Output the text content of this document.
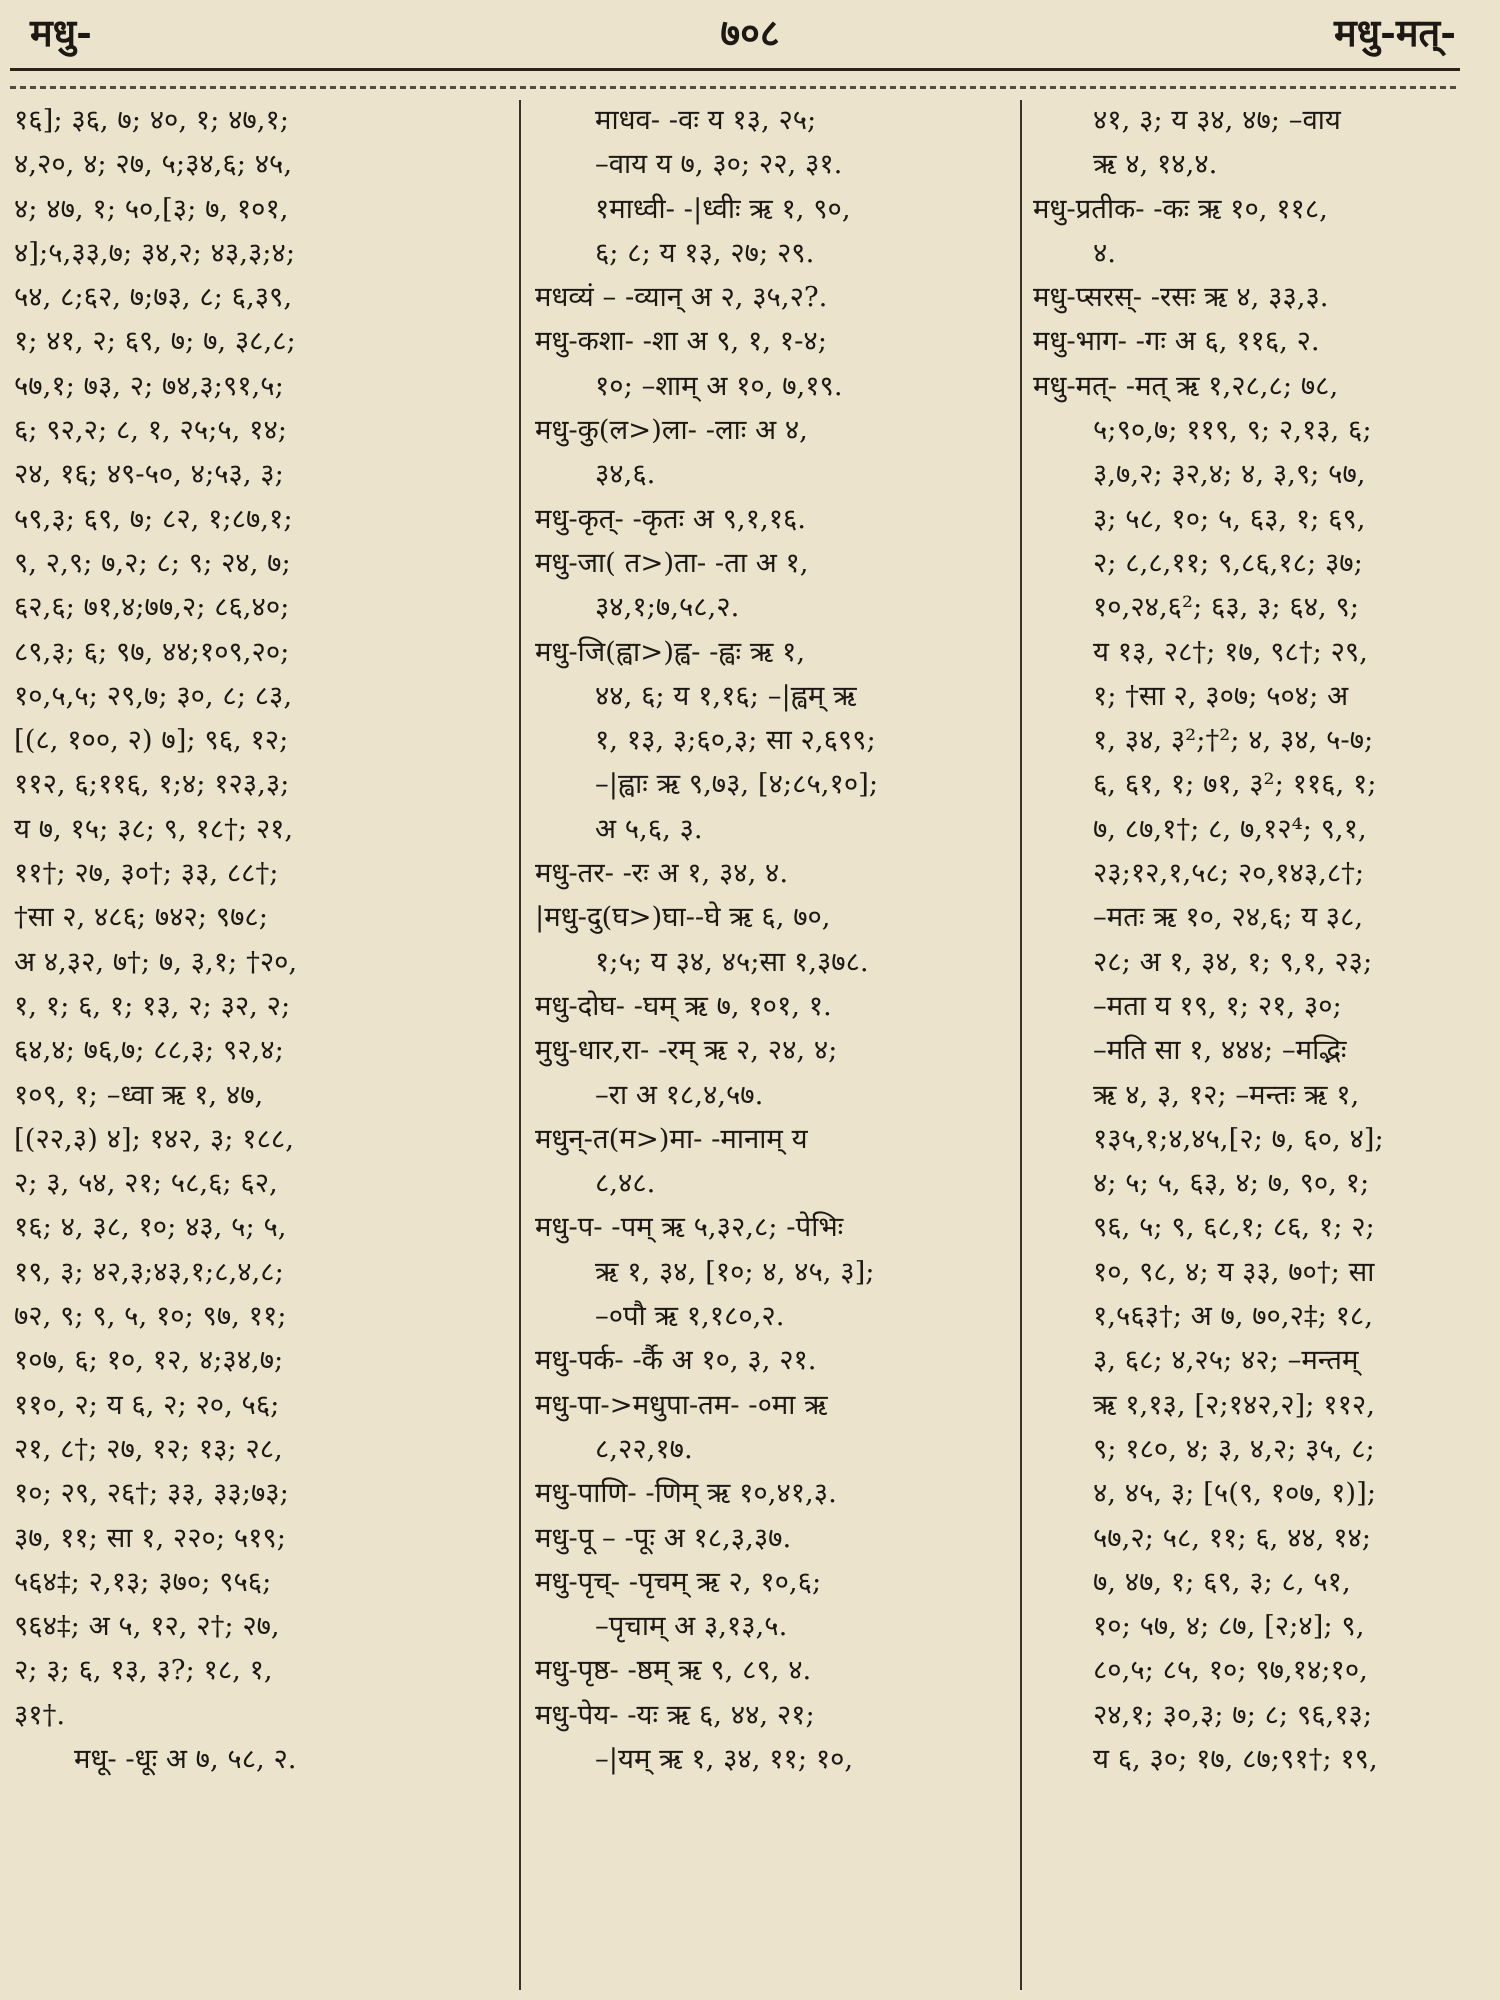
मधु-	७०८	मधु-मत्-
१६]; ३६, ७; ४०, १; ४७,१;
४,२०, ४; २७, ५;३४,६; ४५,
४; ४७, १; ५०,[३; ७, १०१,
४];५,३३,७; ३४,२; ४३,३;४;
५४, ८;६२, ७;७३, ८; ६,३९,
१; ४१, २; ६९, ७; ७, ३८,८;
५७,१; ७३, २; ७४,३;९१,५;
६; ९२,२; ८, १, २५;५, १४;
२४, १६; ४९-५०, ४;५३, ३;
५९,३; ६९, ७; ८२, १;८७,१;
९, २,९; ७,२; ८; ९; २४, ७;
६२,६; ७१,४;७७,२; ८६,४०;
८९,३; ६; ९७, ४४;१०९,२०;
१०,५,५; २९,७; ३०, ८; ८३,
[(८, १००, २) ७]; ९६, १२;
११२, ६;११६, १;४; १२३,३;
य ७, १५; ३८; ९, १८†; २१,
११†; २७, ३०†; ३३, ८८†;
†सा २, ४८६; ७४२; ९७८;
अ ४,३२, ७†; ७, ३,१; †२०,
१, १; ६, १; १३, २; ३२, २;
६४,४; ७६,७; ८८,३; ९२,४;
१०९, १; –ध्वा ऋ १, ४७,
[(२२,३) ४]; १४२, ३; १८८,
२; ३, ५४, २१; ५८,६; ६२,
१६; ४, ३८, १०; ४३, ५; ५,
१९, ३; ४२,३;४३,१;८,४,८;
७२, ९; ९, ५, १०; ९७, ११;
१०७, ६; १०, १२, ४;३४,७;
११०, २; य ६, २; २०, ५६;
२१, ८†; २७, १२; १३; २८,
१०; २९, २६†; ३३, ३३;७३;
३७, ११; सा १, २२०; ५१९;
५६४‡; २,१३; ३७०; ९५६;
९६४‡; अ ५, १२, २†; २७,
२; ३; ६, १३, ३?; १८, १,
३१†.
मधू- -धूः अ ७, ५८, २.
माधव- -वः य १३, २५;
–वाय य ७, ३०; २२, ३१.
१माध्वी- -|ध्वीः ऋ १, ९०,
६; ८; य १३, २७; २९.
मधव्यं – -व्यान् अ २, ३५,२?.
मधु-कशा- -शा अ ९, १, १-४;
१०; –शाम् अ १०, ७,१९.
मधु-कु(ल>)ला- -लाः अ ४,
३४,६.
मधु-कृत्- -कृतः अ ९,१,१६.
मधु-जा( त>)ता- -ता अ १,
३४,१;७,५८,२.
मधु-जि(ह्वा>)ह्व- -ह्वः ऋ १,
४४, ६; य १,१६; –|ह्वम् ऋ
१, १३, ३;६०,३; सा २,६९९;
–|ह्वाः ऋ ९,७३, [४;८५,१०];
अ ५,६, ३.
मधु-तर- -रः अ १, ३४, ४.
|मधु-दु(घ>)घा--घे ऋ ६, ७०,
१;५; य ३४, ४५;सा १,३७८.
मधु-दोघ- -घम् ऋ ७, १०१, १.
मुधु-धार,रा- -रम् ऋ २, २४, ४;
–रा अ १८,४,५७.
मधुन्-त(म>)मा- -मानाम् य
८,४८.
मधु-प- -पम् ऋ ५,३२,८; -पेभिः
ऋ १, ३४, [१०; ४, ४५, ३];
–०पौ ऋ १,१८०,२.
मधु-पर्क- -र्कै अ १०, ३, २१.
मधु-पा->मधुपा-तम- -०मा ऋ
८,२२,१७.
मधु-पाणि- -णिम् ऋ १०,४१,३.
मधु-पू – -पूः अ १८,३,३७.
मधु-पृच्- -पृचम् ऋ २, १०,६;
–पृचाम् अ ३,१३,५.
मधु-पृष्ठ- -ष्ठम् ऋ ९, ८९, ४.
मधु-पेय- -यः ऋ ६, ४४, २१;
–|यम् ऋ १, ३४, ११; १०,
४१, ३; य ३४, ४७; –वाय
ऋ ४, १४,४.
मधु-प्रतीक- -कः ऋ १०, ११८,
४.
मधु-प्सरस्- -रसः ऋ ४, ३३,३.
मधु-भाग- -गः अ ६, ११६, २.
मधु-मत्- -मत् ऋ १,२८,८; ७८,
५;९०,७; ११९, ९; २,१३, ६;
३,७,२; ३२,४; ४, ३,९; ५७,
३; ५८, १०; ५, ६३, १; ६९,
२; ८,८,११; ९,८६,१८; ३७;
१०,२४,६²; ६३, ३; ६४, ९;
य १३, २८†; १७, ९८†; २९,
१; †सा २, ३०७; ५०४; अ
१, ३४, ३²;†²; ४, ३४, ५-७;
६, ६१, १; ७१, ३²; ११६, १;
७, ८७,१†; ८, ७,१२⁴; ९,१,
२३;१२,१,५८; २०,१४३,८†;
–मतः ऋ १०, २४,६; य ३८,
२८; अ १, ३४, १; ९,१, २३;
–मता य १९, १; २१, ३०;
–मति सा १, ४४४; –मद्भिः
ऋ ४, ३, १२; –मन्तः ऋ १,
१३५,१;४,४५,[२; ७, ६०, ४];
४; ५; ५, ६३, ४; ७, ९०, १;
९६, ५; ९, ६८,१; ८६, १; २;
१०, ९८, ४; य ३३, ७०†; सा
१,५६३†; अ ७, ७०,२‡; १८,
३, ६८; ४,२५; ४२; –मन्तम्
ऋ १,१३, [२;१४२,२]; ११२,
९; १८०, ४; ३, ४,२; ३५, ८;
४, ४५, ३; [५(९, १०७, १)];
५७,२; ५८, ११; ६, ४४, १४;
७, ४७, १; ६९, ३; ८, ५१,
१०; ५७, ४; ८७, [२;४]; ९,
८०,५; ८५, १०; ९७,१४;१०,
२४,१; ३०,३; ७; ८; ९६,१३;
य ६, ३०; १७, ८७;९१†; १९,
